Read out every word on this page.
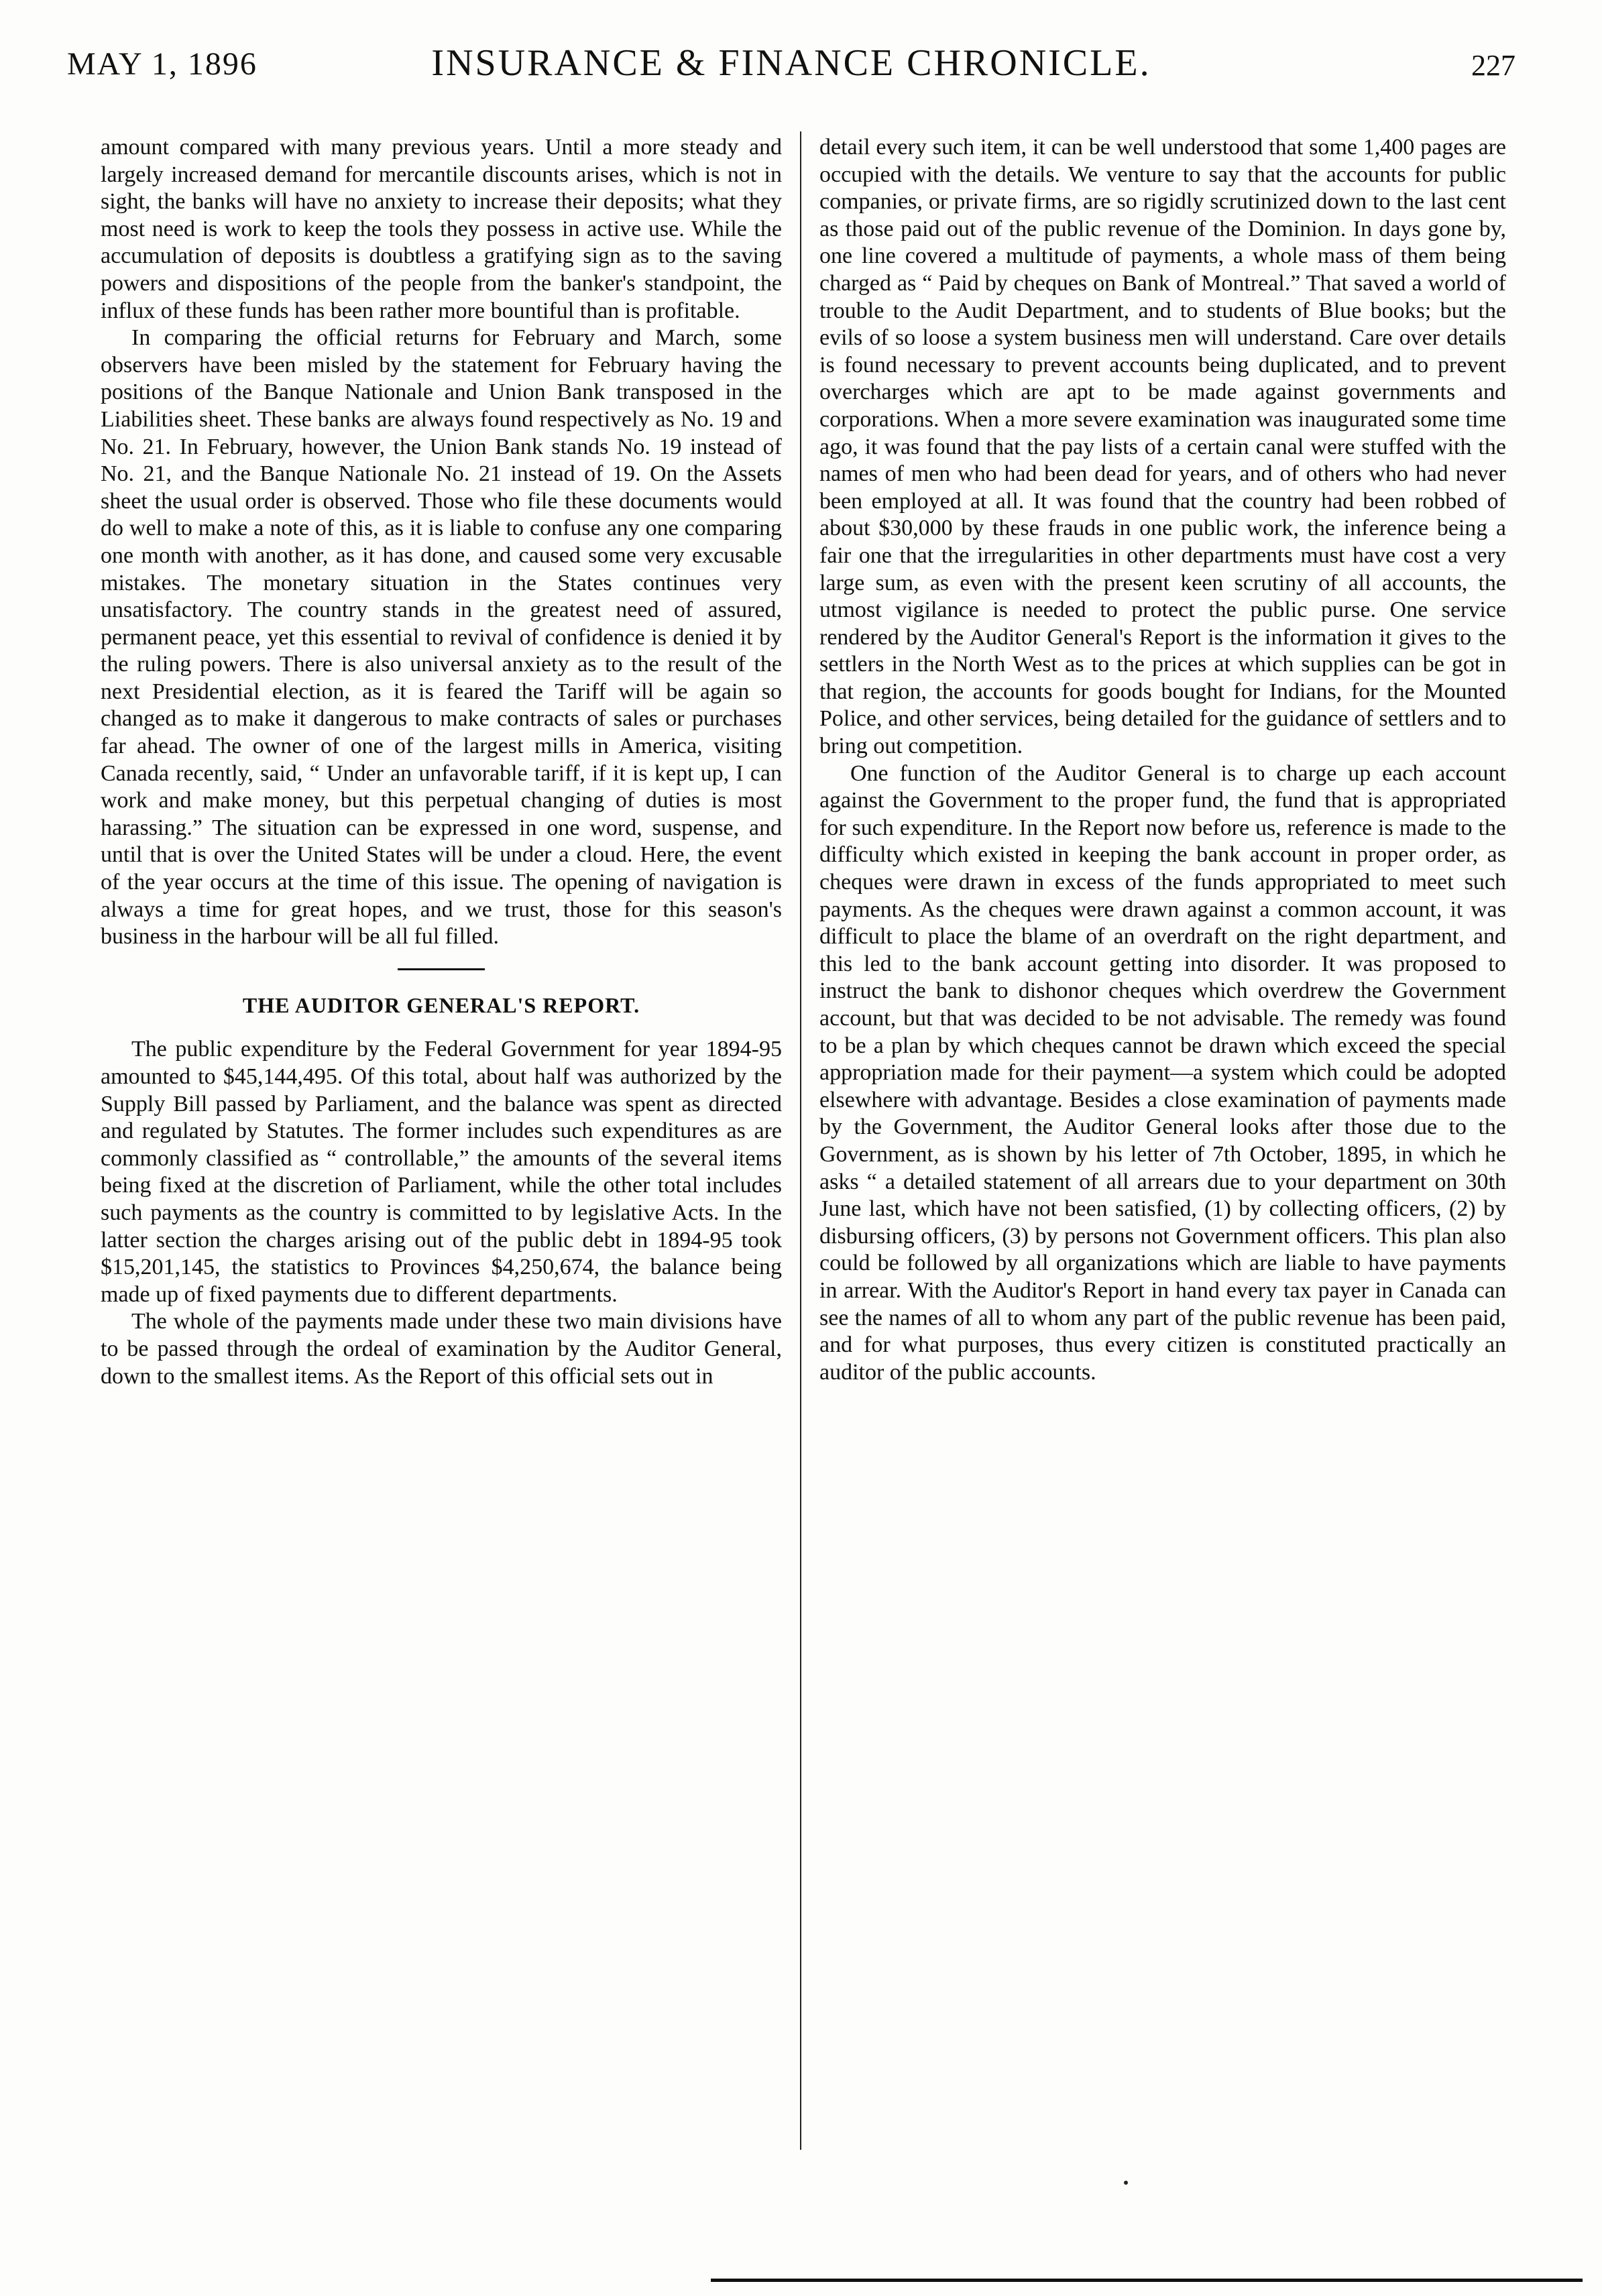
MAY 1, 1896	INSURANCE & FINANCE CHRONICLE.	227

amount compared with many previous years. Until a more steady and largely increased demand for mercantile discounts arises, which is not in sight, the banks will have no anxiety to increase their deposits; what they most need is work to keep the tools they possess in active use. While the accumulation of deposits is doubtless a gratifying sign as to the saving powers and dispositions of the people from the banker's standpoint, the influx of these funds has been rather more bountiful than is profitable.

In comparing the official returns for February and March, some observers have been misled by the statement for February having the positions of the Banque Nationale and Union Bank transposed in the Liabilities sheet. These banks are always found respectively as No. 19 and No. 21. In February, however, the Union Bank stands No. 19 instead of No. 21, and the Banque Nationale No. 21 instead of 19. On the Assets sheet the usual order is observed. Those who file these documents would do well to make a note of this, as it is liable to confuse any one comparing one month with another, as it has done, and caused some very excusable mistakes. The monetary situation in the States continues very unsatisfactory. The country stands in the greatest need of assured, permanent peace, yet this essential to revival of confidence is denied it by the ruling powers. There is also universal anxiety as to the result of the next Presidential election, as it is feared the Tariff will be again so changed as to make it dangerous to make contracts of sales or purchases far ahead. The owner of one of the largest mills in America, visiting Canada recently, said, “ Under an unfavorable tariff, if it is kept up, I can work and make money, but this perpetual changing of duties is most harassing.” The situation can be expressed in one word, suspense, and until that is over the United States will be under a cloud. Here, the event of the year occurs at the time of this issue. The opening of navigation is always a time for great hopes, and we trust, those for this season's business in the harbour will be all ful filled.

THE AUDITOR GENERAL'S REPORT.

The public expenditure by the Federal Government for year 1894-95 amounted to $45,144,495. Of this total, about half was authorized by the Supply Bill passed by Parliament, and the balance was spent as directed and regulated by Statutes. The former includes such expenditures as are commonly classified as “ controllable,” the amounts of the several items being fixed at the discretion of Parliament, while the other total includes such payments as the country is committed to by legislative Acts. In the latter section the charges arising out of the public debt in 1894-95 took $15,201,145, the statistics to Provinces $4,250,674, the balance being made up of fixed payments due to different departments.

The whole of the payments made under these two main divisions have to be passed through the ordeal of examination by the Auditor General, down to the smallest items. As the Report of this official sets out in

detail every such item, it can be well understood that some 1,400 pages are occupied with the details. We venture to say that the accounts for public companies, or private firms, are so rigidly scrutinized down to the last cent as those paid out of the public revenue of the Dominion. In days gone by, one line covered a multitude of payments, a whole mass of them being charged as “ Paid by cheques on Bank of Montreal.” That saved a world of trouble to the Audit Department, and to students of Blue books; but the evils of so loose a system business men will understand. Care over details is found necessary to prevent accounts being duplicated, and to prevent overcharges which are apt to be made against governments and corporations. When a more severe examination was inaugurated some time ago, it was found that the pay lists of a certain canal were stuffed with the names of men who had been dead for years, and of others who had never been employed at all. It was found that the country had been robbed of about $30,000 by these frauds in one public work, the inference being a fair one that the irregularities in other departments must have cost a very large sum, as even with the present keen scrutiny of all accounts, the utmost vigilance is needed to protect the public purse. One service rendered by the Auditor General's Report is the information it gives to the settlers in the North West as to the prices at which supplies can be got in that region, the accounts for goods bought for Indians, for the Mounted Police, and other services, being detailed for the guidance of settlers and to bring out competition.

One function of the Auditor General is to charge up each account against the Government to the proper fund, the fund that is appropriated for such expenditure. In the Report now before us, reference is made to the difficulty which existed in keeping the bank account in proper order, as cheques were drawn in excess of the funds appropriated to meet such payments. As the cheques were drawn against a common account, it was difficult to place the blame of an overdraft on the right department, and this led to the bank account getting into disorder. It was proposed to instruct the bank to dishonor cheques which overdrew the Government account, but that was decided to be not advisable. The remedy was found to be a plan by which cheques cannot be drawn which exceed the special appropriation made for their payment—a system which could be adopted elsewhere with advantage. Besides a close examination of payments made by the Government, the Auditor General looks after those due to the Government, as is shown by his letter of 7th October, 1895, in which he asks “ a detailed statement of all arrears due to your department on 30th June last, which have not been satisfied, (1) by collecting officers, (2) by disbursing officers, (3) by persons not Government officers. This plan also could be followed by all organizations which are liable to have payments in arrear. With the Auditor's Report in hand every tax payer in Canada can see the names of all to whom any part of the public revenue has been paid, and for what purposes, thus every citizen is constituted practically an auditor of the public accounts.
